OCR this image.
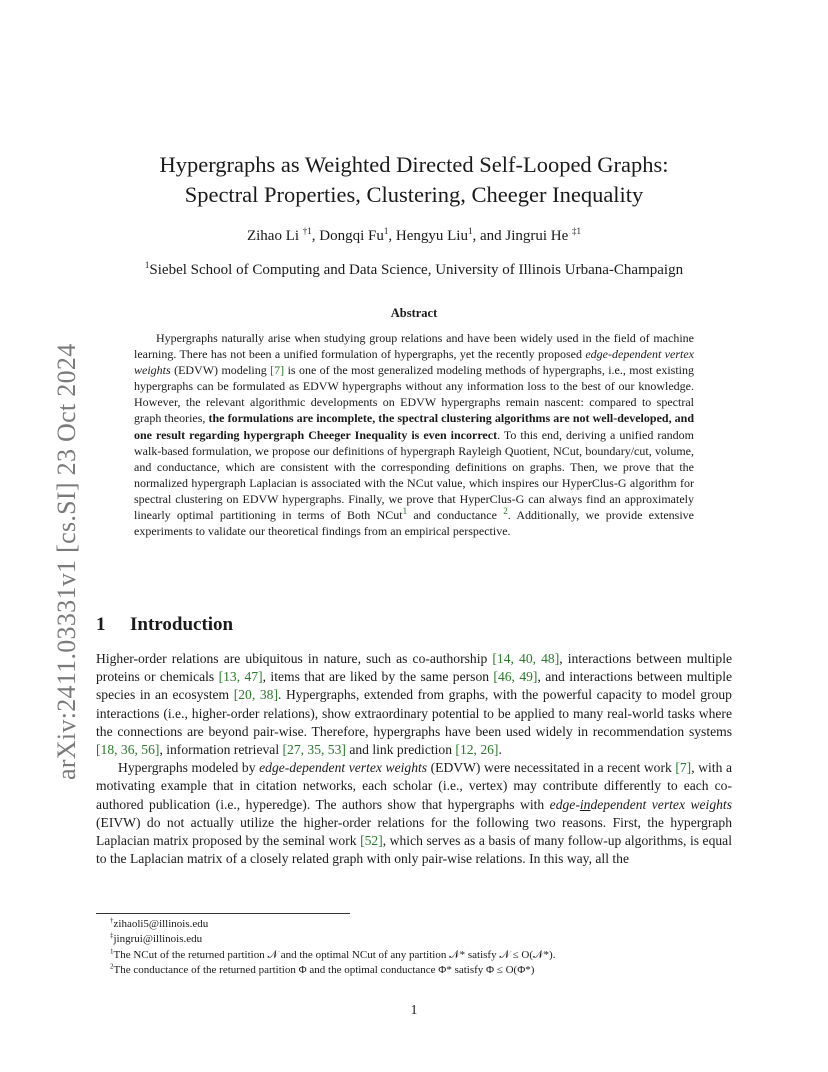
arXiv:2411.03331v1 [cs.SI] 23 Oct 2024
Hypergraphs as Weighted Directed Self-Looped Graphs:
Spectral Properties, Clustering, Cheeger Inequality
Zihao Li $^{\dagger 1}$, Dongqi Fu$^1$, Hengyu Liu$^1$, and Jingrui He $^{\ddagger 1}$
$^1$Siebel School of Computing and Data Science, University of Illinois Urbana-Champaign
Abstract
Hypergraphs naturally arise when studying group relations and have been widely used in the field of machine learning. There has not been a unified formulation of hypergraphs, yet the recently proposed edge-dependent vertex weights (EDVW) modeling [7] is one of the most generalized modeling methods of hypergraphs, i.e., most existing hypergraphs can be formulated as EDVW hypergraphs without any information loss to the best of our knowledge. However, the relevant algorithmic developments on EDVW hypergraphs remain nascent: compared to spectral graph theories, the formulations are incomplete, the spectral clustering algorithms are not well-developed, and one result regarding hypergraph Cheeger Inequality is even incorrect. To this end, deriving a unified random walk-based formulation, we propose our definitions of hypergraph Rayleigh Quotient, NCut, boundary/cut, volume, and conductance, which are consistent with the corresponding definitions on graphs. Then, we prove that the normalized hypergraph Laplacian is associated with the NCut value, which inspires our HyperClus-G algorithm for spectral clustering on EDVW hypergraphs. Finally, we prove that HyperClus-G can always find an approximately linearly optimal partitioning in terms of Both NCut$^1$ and conductance $^2$. Additionally, we provide extensive experiments to validate our theoretical findings from an empirical perspective.
1 Introduction

Higher-order relations are ubiquitous in nature, such as co-authorship [14, 40, 48], interactions between multiple proteins or chemicals [13, 47], items that are liked by the same person [46, 49], and interactions between multiple species in an ecosystem [20, 38]. Hypergraphs, extended from graphs, with the powerful capacity to model group interactions (i.e., higher-order relations), show extraordinary potential to be applied to many real-world tasks where the connections are beyond pair-wise. Therefore, hypergraphs have been used widely in recommendation systems [18, 36, 56], information retrieval [27, 35, 53] and link prediction [12, 26].

Hypergraphs modeled by edge-dependent vertex weights (EDVW) were necessitated in a recent work [7], with a motivating example that in citation networks, each scholar (i.e., vertex) may contribute differently to each co-authored publication (i.e., hyperedge). The authors show that hypergraphs with edge-independent vertex weights (EIVW) do not actually utilize the higher-order relations for the following two reasons. First, the hypergraph Laplacian matrix proposed by the seminal work [52], which serves as a basis of many follow-up algorithms, is equal to the Laplacian matrix of a closely related graph with only pair-wise relations. In this way, all the

†zihaoli5@illinois.edu
‡jingrui@illinois.edu
$^1$The NCut of the returned partition 𝒩 and the optimal NCut of any partition 𝒩* satisfy 𝒩 ≤ O(𝒩*).
$^2$The conductance of the returned partition Φ and the optimal conductance Φ* satisfy Φ ≤ O(Φ*)
1
